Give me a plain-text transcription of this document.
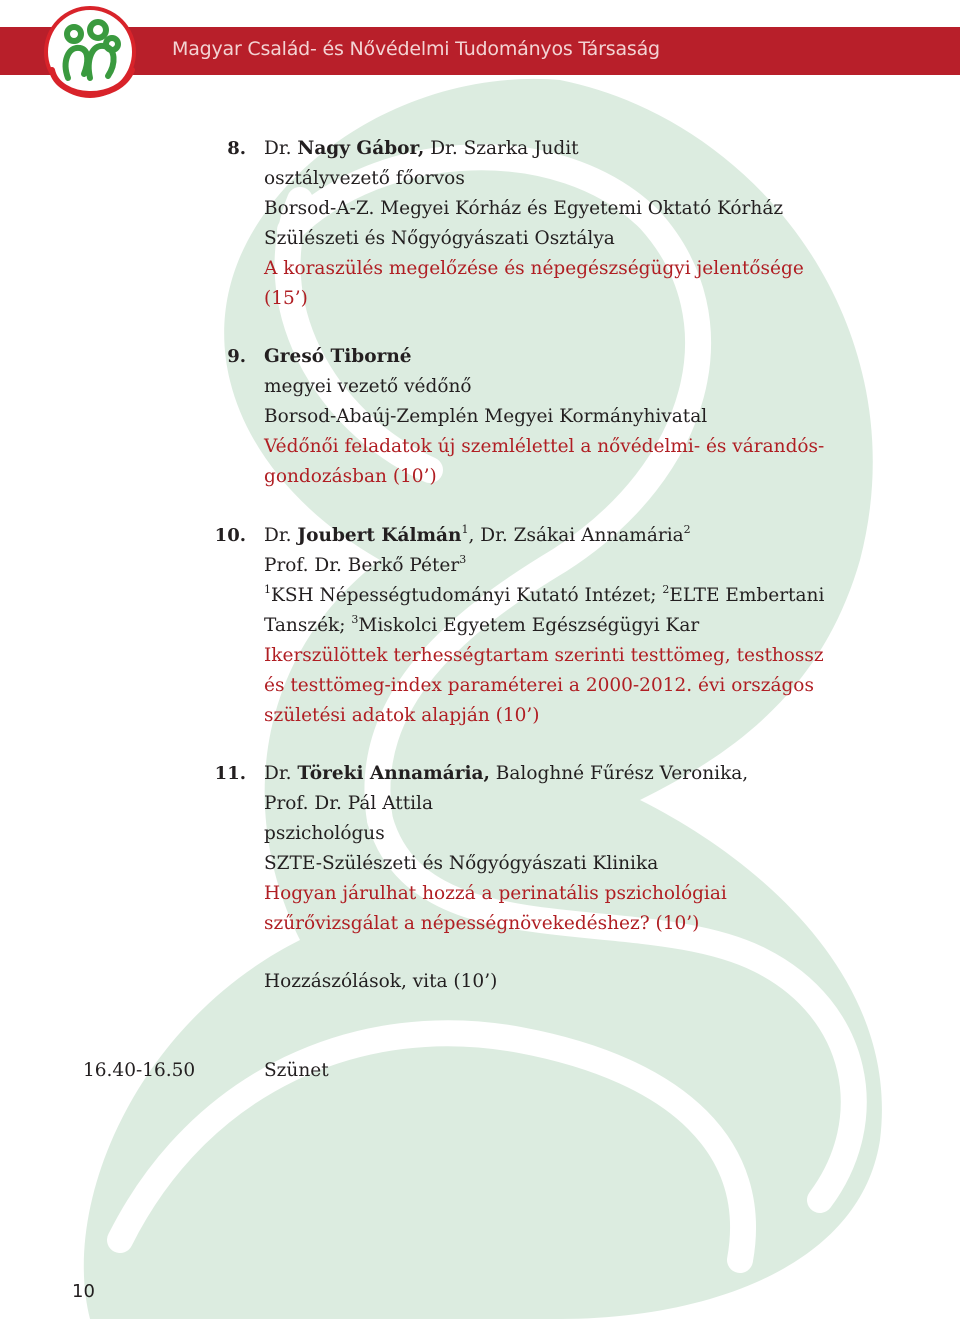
Magyar Család- és Nővédelmi Tudományos Társaság
8. Dr. Nagy Gábor, Dr. Szarka Judit
osztályvezető főorvos
Borsod-A-Z. Megyei Kórház és Egyetemi Oktató Kórház
Szülészeti és Nőgyógyászati Osztálya
A koraszülés megelőzése és népegészségügyi jelentősége
(15’)
9. Gresó Tiborné
megyei vezető védőnő
Borsod-Abaúj-Zemplén Megyei Kormányhivatal
Védőnői feladatok új szemlélettel a nővédelmi- és várandós-
gondozásban (10’)
10. Dr. Joubert Kálmán$^1$, Dr. Zsákai Annamária$^2$
Prof. Dr. Berkő Péter$^3$
$^1$KSH Népességtudományi Kutató Intézet; $^2$ELTE Embertani
Tanszék; $^3$Miskolci Egyetem Egészségügyi Kar
Ikerszülöttek terhességtartam szerinti testtömeg, testhossz
és testtömeg-index paraméterei a 2000-2012. évi országos
születési adatok alapján (10’)
11. Dr. Töreki Annamária, Baloghné Fűrész Veronika,
Prof. Dr. Pál Attila
pszichológus
SZTE-Szülészeti és Nőgyógyászati Klinika
Hogyan járulhat hozzá a perinatális pszichológiai
szűrővizsgálat a népességnövekedéshez? (10’)
Hozzászólások, vita (10’)
16.40-16.50	Szünet
10
